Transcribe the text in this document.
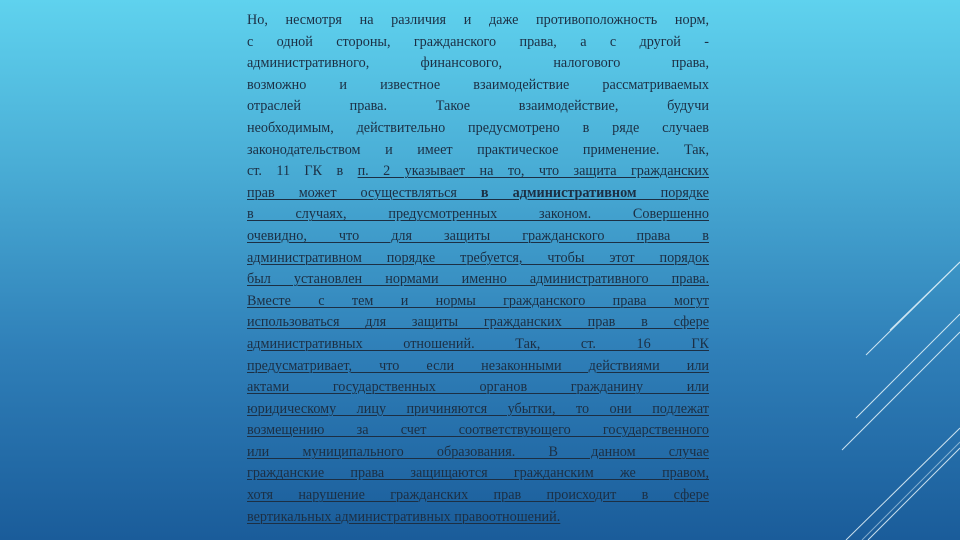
Но, несмотря на различия и даже противоположность норм,
с одной стороны, гражданского права, а с другой -
административного, финансового, налогового права,
возможно и известное взаимодействие рассматриваемых
отраслей права. Такое взаимодействие, будучи
необходимым, действительно предусмотрено в ряде случаев
законодательством и имеет практическое применение. Так,
ст. 11 ГК в п. 2 указывает на то, что защита гражданских
прав может осуществляться в административном порядке
в случаях, предусмотренных законом. Совершенно
очевидно, что для защиты гражданского права в
административном порядке требуется, чтобы этот порядок
был установлен нормами именно административного права.
Вместе с тем и нормы гражданского права могут
использоваться для защиты гражданских прав в сфере
административных отношений. Так, ст. 16 ГК
предусматривает, что если незаконными действиями или
актами государственных органов гражданину или
юридическому лицу причиняются убытки, то они подлежат
возмещению за счет соответствующего государственного
или муниципального образования. В данном случае
гражданские права защищаются гражданским же правом,
хотя нарушение гражданских прав происходит в сфере
вертикальных административных правоотношений.
